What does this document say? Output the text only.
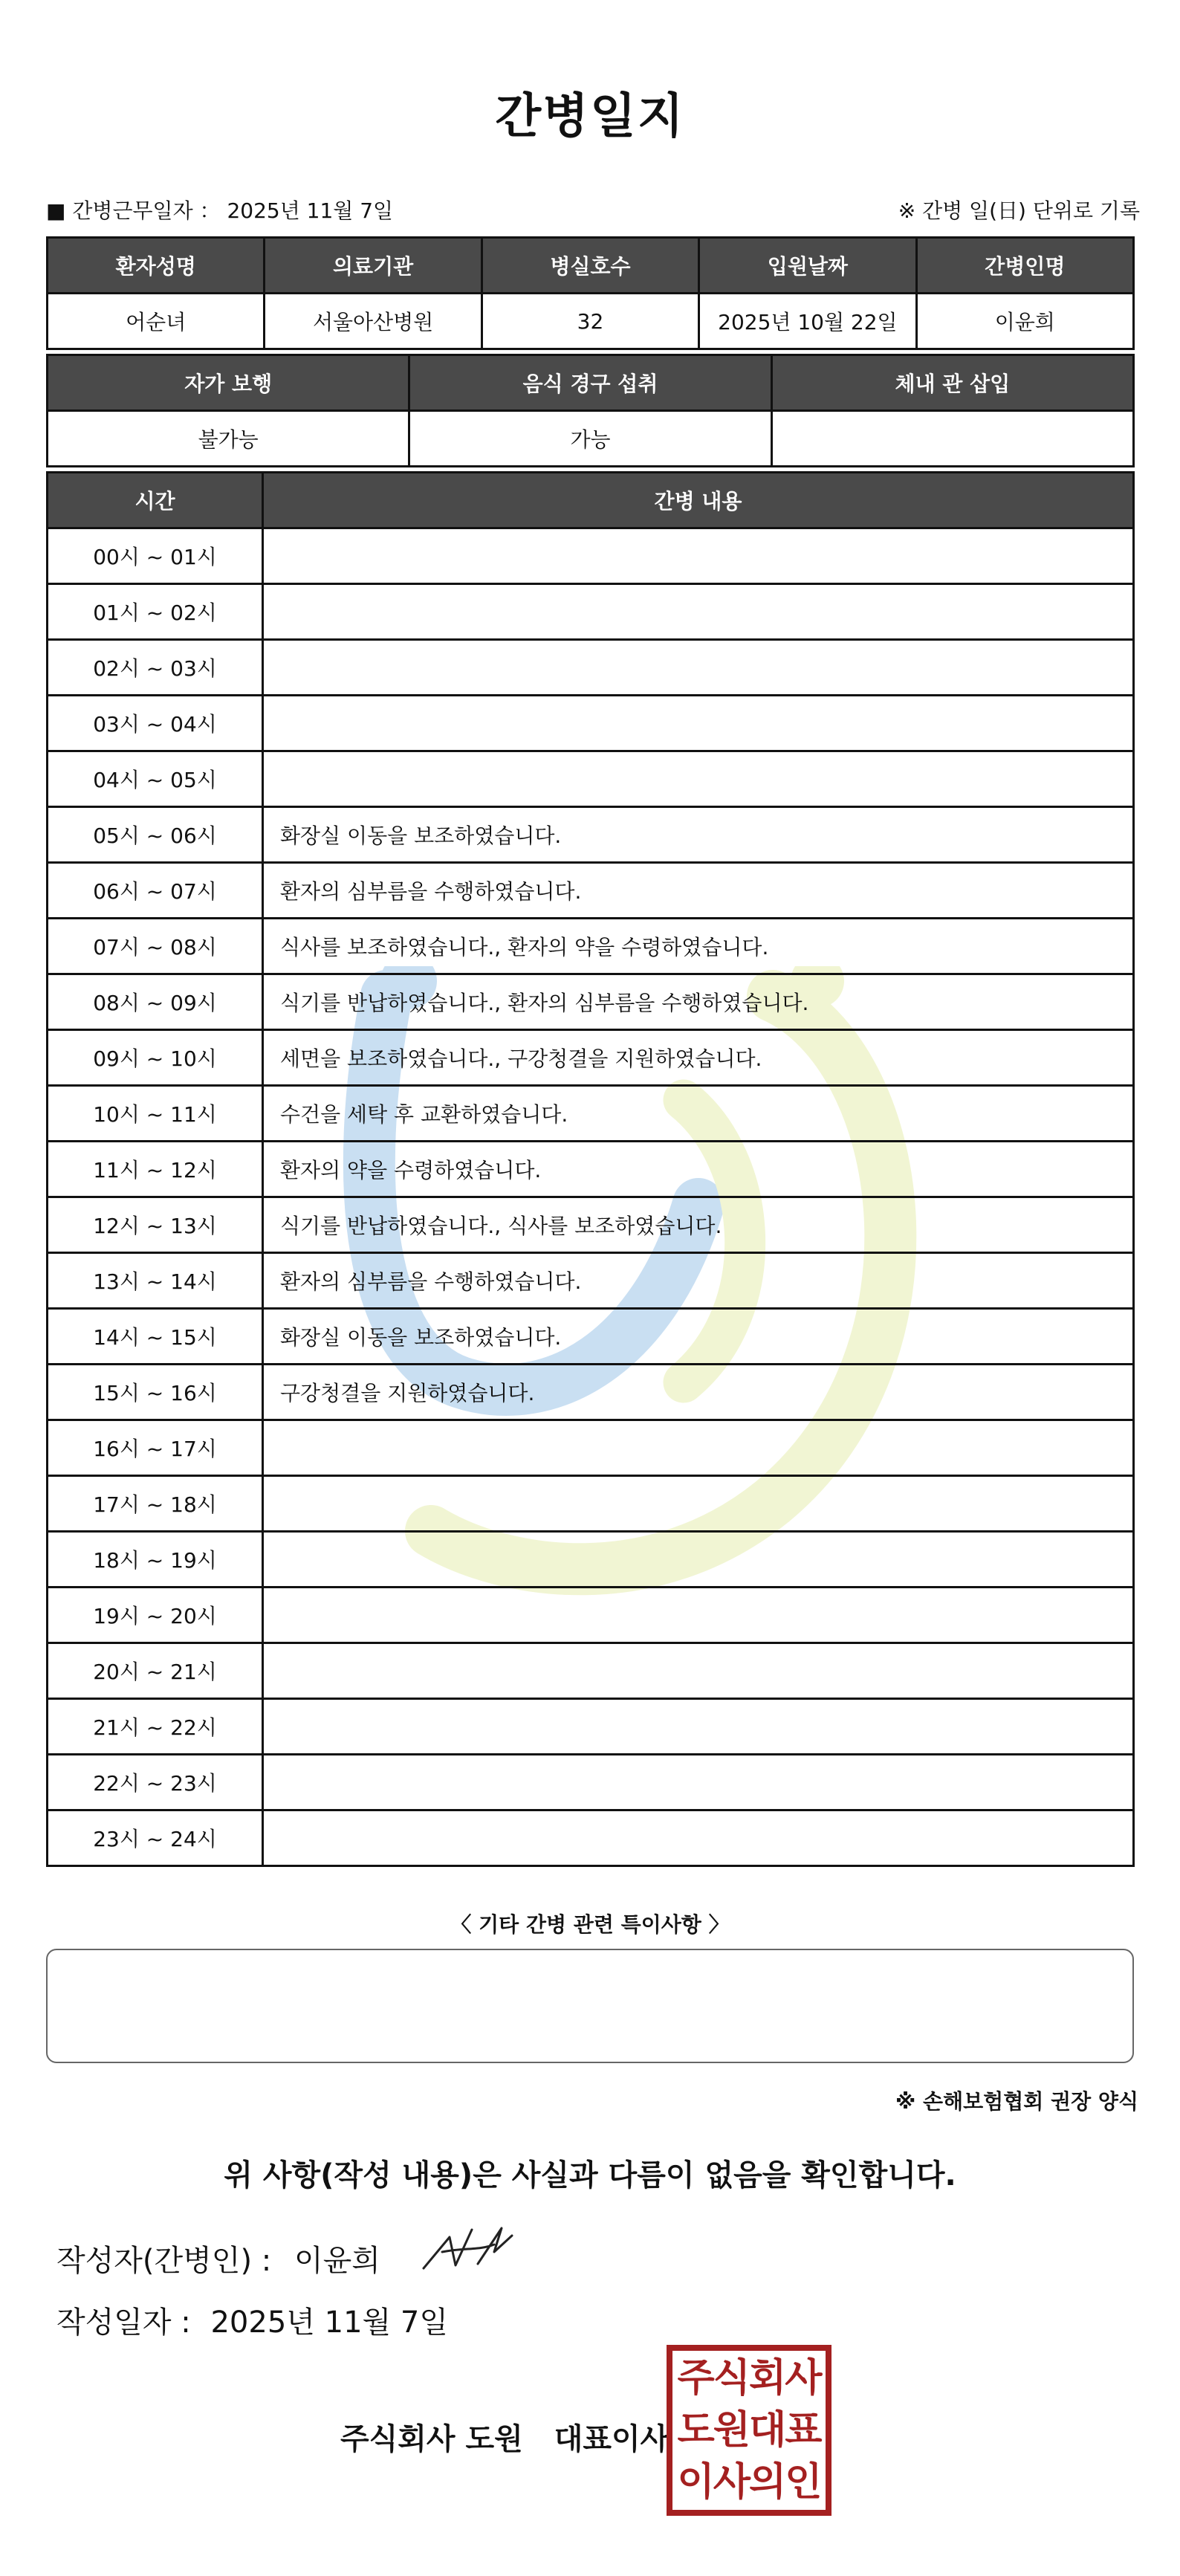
간병일지
■ 간병근무일자 ： 2025년 11월 7일	※ 간병 일(日) 단위로 기록
환자성명	의료기관	병실호수	입원날짜	간병인명
어순녀	서울아산병원	32	2025년 10월 22일	이윤희
자가 보행	음식 경구 섭취	체내 관 삽입
불가능	가능	
시간	간병 내용
00시 ~ 01시	
01시 ~ 02시	
02시 ~ 03시	
03시 ~ 04시	
04시 ~ 05시	
05시 ~ 06시	화장실 이동을 보조하였습니다.
06시 ~ 07시	환자의 심부름을 수행하였습니다.
07시 ~ 08시	식사를 보조하였습니다., 환자의 약을 수령하였습니다.
08시 ~ 09시	식기를 반납하였습니다., 환자의 심부름을 수행하였습니다.
09시 ~ 10시	세면을 보조하였습니다., 구강청결을 지원하였습니다.
10시 ~ 11시	수건을 세탁 후 교환하였습니다.
11시 ~ 12시	환자의 약을 수령하였습니다.
12시 ~ 13시	식기를 반납하였습니다., 식사를 보조하였습니다.
13시 ~ 14시	환자의 심부름을 수행하였습니다.
14시 ~ 15시	화장실 이동을 보조하였습니다.
15시 ~ 16시	구강청결을 지원하였습니다.
16시 ~ 17시	
17시 ~ 18시	
18시 ~ 19시	
19시 ~ 20시	
20시 ~ 21시	
21시 ~ 22시	
22시 ~ 23시	
23시 ~ 24시	
〈 기타 간병 관련 특이사항 〉
※ 손해보험협회 권장 양식
위 사항(작성 내용)은 사실과 다름이 없음을 확인합니다.
작성자(간병인) : 이윤희
작성일자 : 2025년 11월 7일
주식회사 도원 대표이사
주식회사
도원대표
이사의인
